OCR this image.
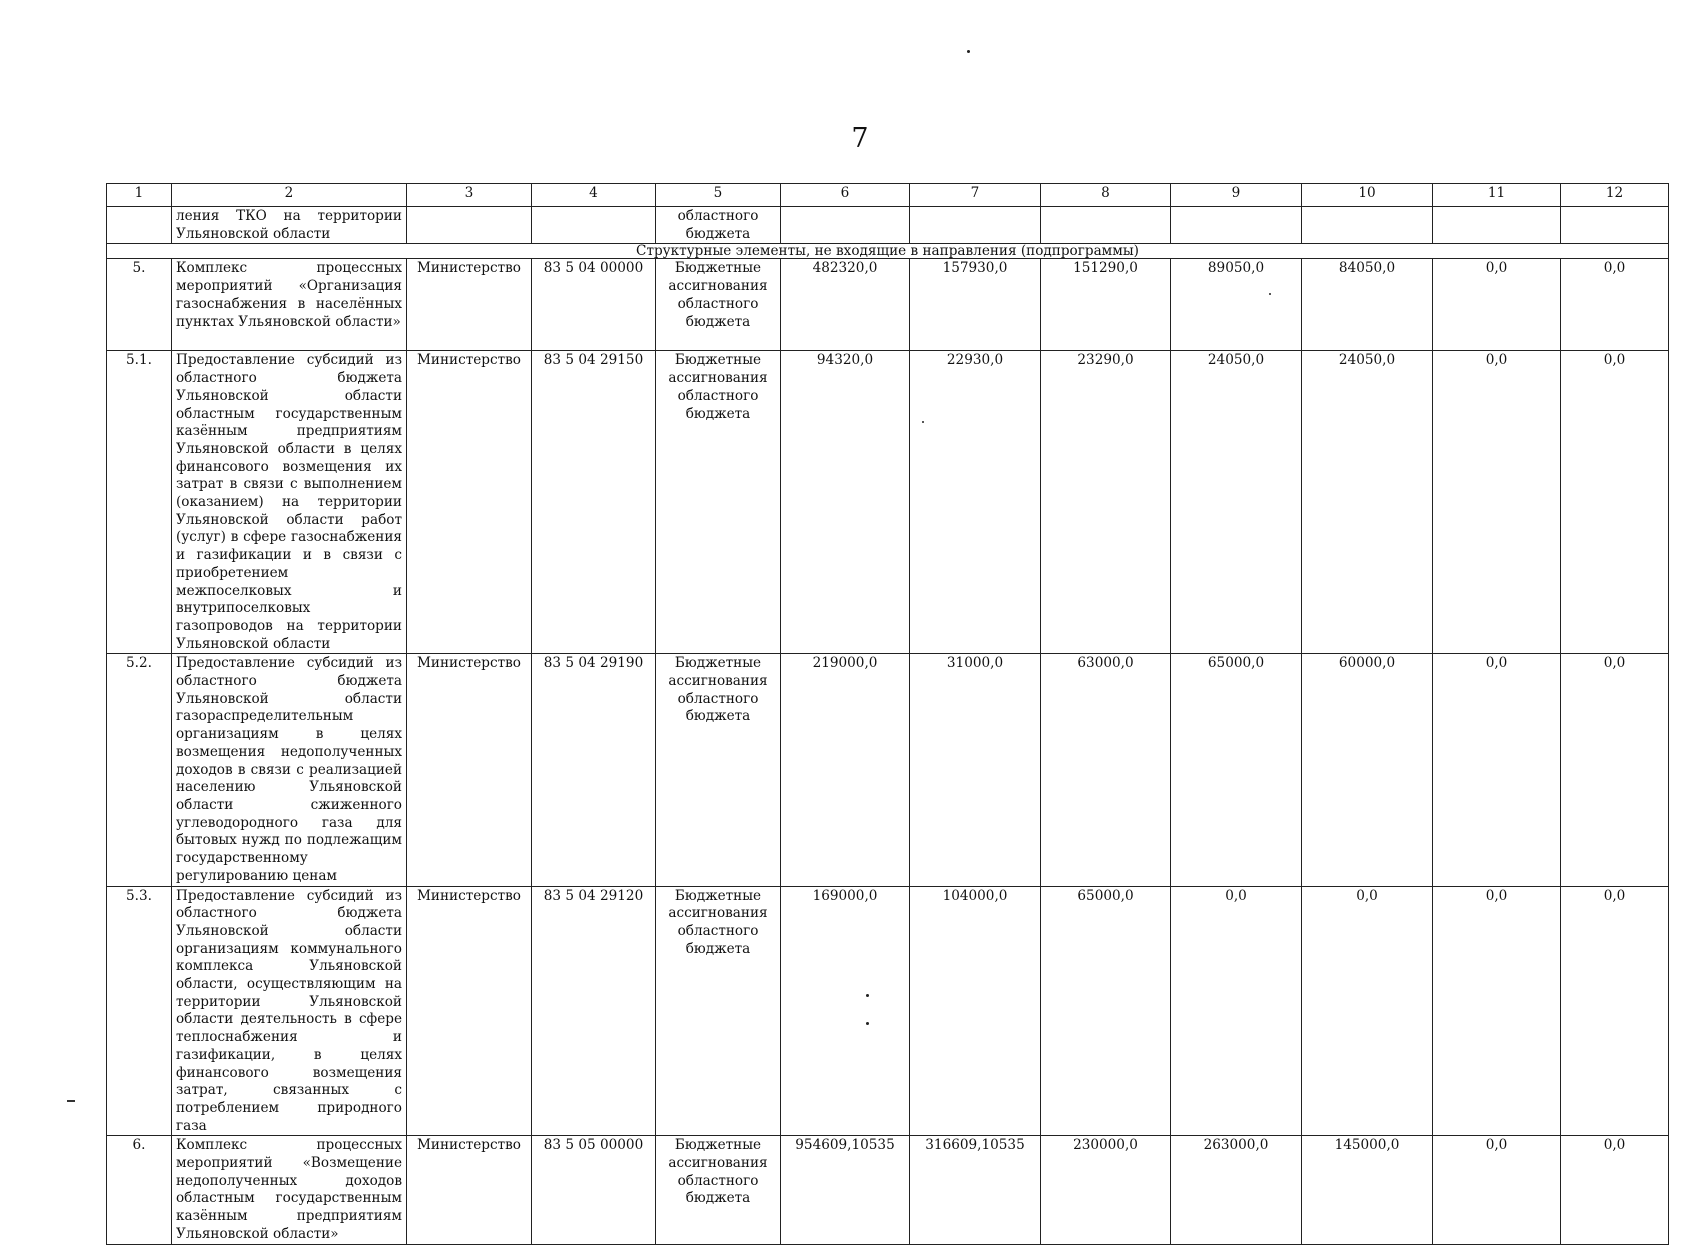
7
1	2	3	4	5	6	7	8	9	10	11	12
	ления ТКО на территории Ульяновской области			областного бюджета							
Структурные элементы, не входящие в направления (подпрограммы)											
5.	Комплекс процессных мероприятий «Организация газоснабжения в населённых пунктах Ульяновской области»	Министерство	83 5 04 00000	Бюджетные ассигнования областного бюджета	482320,0	157930,0	151290,0	89050,0	84050,0	0,0	0,0
5.1.	Предоставление субсидий из областного бюджета Ульяновской области областным государственным казённым предприятиям Ульяновской области в целях финансового возмещения их затрат в связи с выполнением (оказанием) на территории Ульяновской области работ (услуг) в сфере газоснабжения и газификации и в связи с приобретением межпоселковых и внутрипоселковых газопроводов на территории Ульяновской области	Министерство	83 5 04 29150	Бюджетные ассигнования областного бюджета	94320,0	22930,0	23290,0	24050,0	24050,0	0,0	0,0
5.2.	Предоставление субсидий из областного бюджета Ульяновской области газораспределительным организациям в целях возмещения недополученных доходов в связи с реализацией населению Ульяновской области сжиженного углеводородного газа для бытовых нужд по подлежащим государственному регулированию ценам	Министерство	83 5 04 29190	Бюджетные ассигнования областного бюджета	219000,0	31000,0	63000,0	65000,0	60000,0	0,0	0,0
5.3.	Предоставление субсидий из областного бюджета Ульяновской области организациям коммунального комплекса Ульяновской области, осуществляющим на территории Ульяновской области деятельность в сфере теплоснабжения и газификации, в целях финансового возмещения затрат, связанных с потреблением природного газа	Министерство	83 5 04 29120	Бюджетные ассигнования областного бюджета	169000,0	104000,0	65000,0	0,0	0,0	0,0	0,0
6.	Комплекс процессных мероприятий «Возмещение недополученных доходов областным государственным казённым предприятиям Ульяновской области»	Министерство	83 5 05 00000	Бюджетные ассигнования областного бюджета	954609,10535	316609,10535	230000,0	263000,0	145000,0	0,0	0,0
